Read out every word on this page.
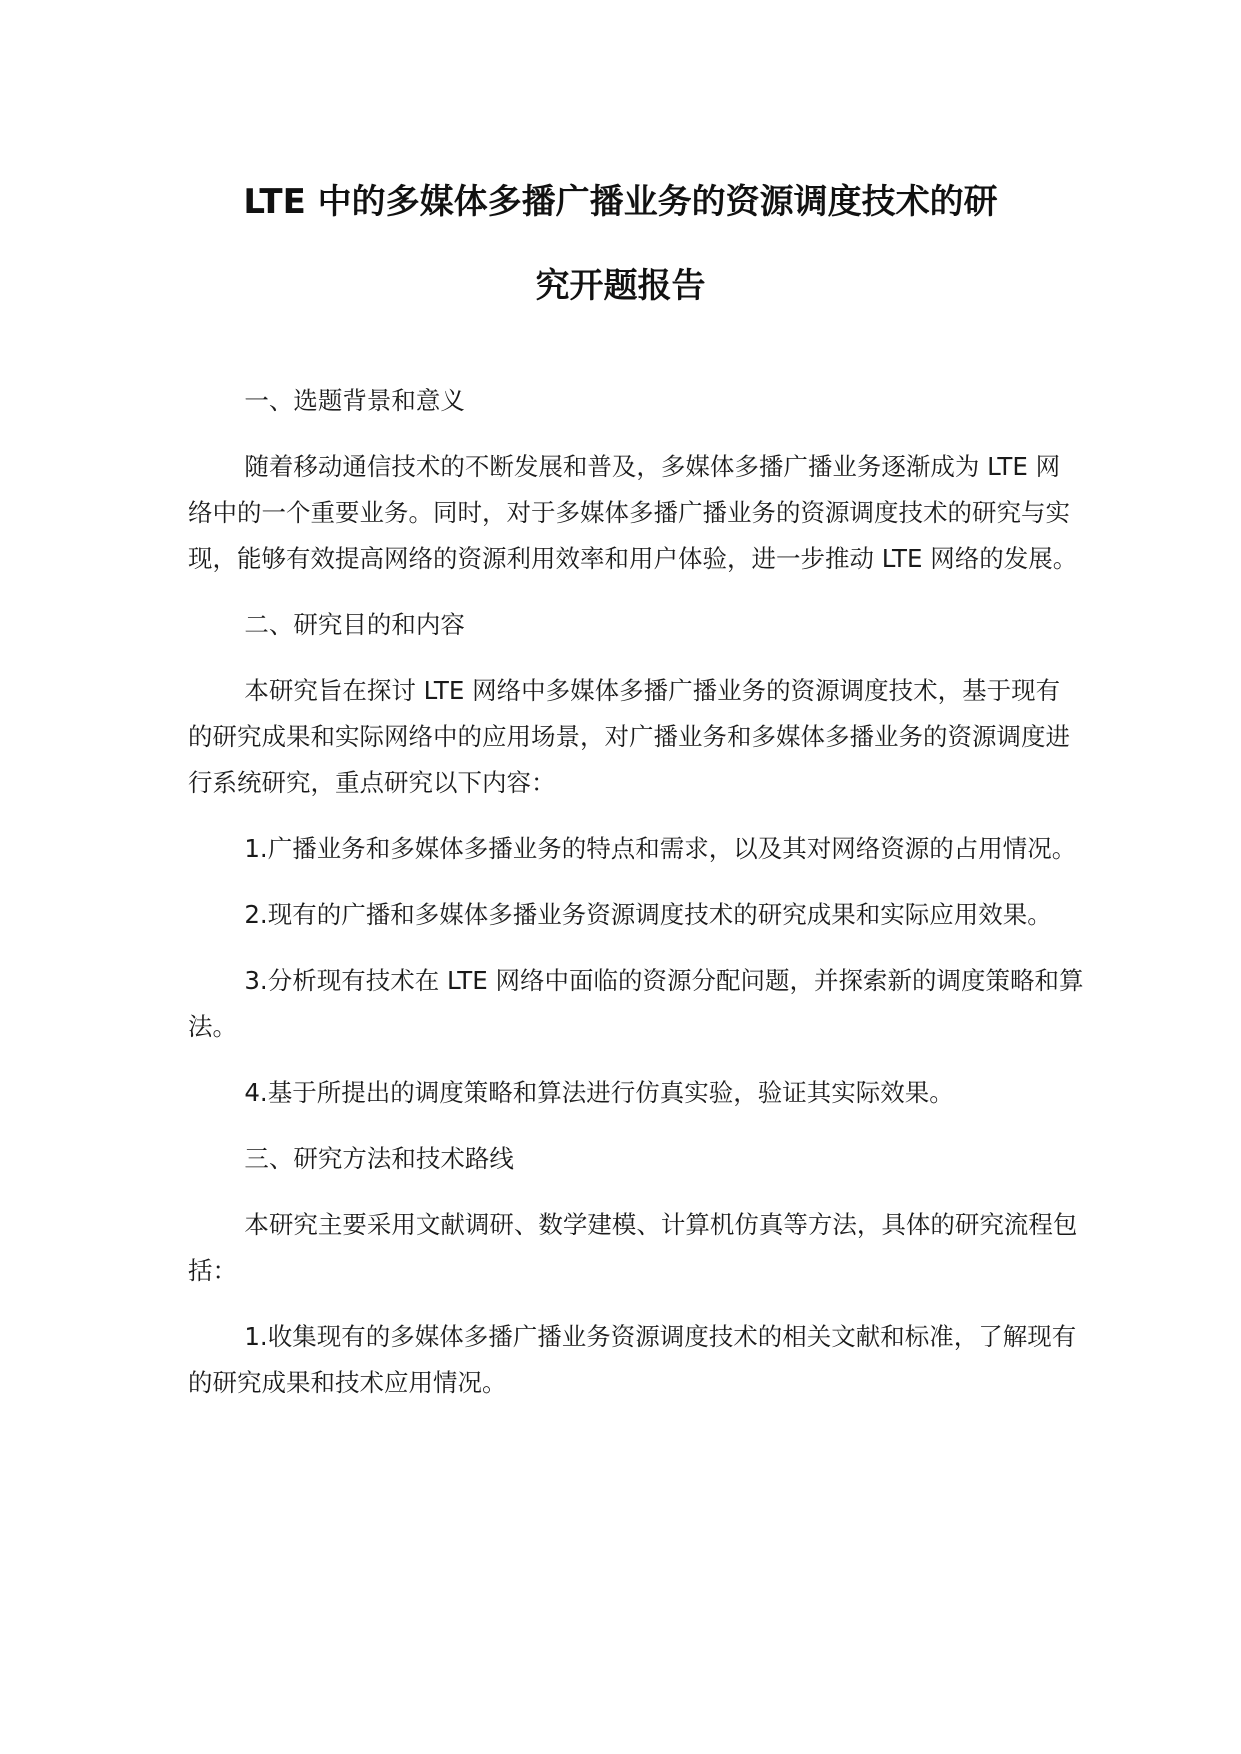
LTE 中的多媒体多播广播业务的资源调度技术的研
究开题报告

一、选题背景和意义

随着移动通信技术的不断发展和普及，多媒体多播广播业务逐渐成为 LTE 网络中的一个重要业务。同时，对于多媒体多播广播业务的资源调度技术的研究与实现，能够有效提高网络的资源利用效率和用户体验，进一步推动 LTE 网络的发展。

二、研究目的和内容

本研究旨在探讨 LTE 网络中多媒体多播广播业务的资源调度技术，基于现有的研究成果和实际网络中的应用场景，对广播业务和多媒体多播业务的资源调度进行系统研究，重点研究以下内容：

1.广播业务和多媒体多播业务的特点和需求，以及其对网络资源的占用情况。

2.现有的广播和多媒体多播业务资源调度技术的研究成果和实际应用效果。

3.分析现有技术在 LTE 网络中面临的资源分配问题，并探索新的调度策略和算法。

4.基于所提出的调度策略和算法进行仿真实验，验证其实际效果。

三、研究方法和技术路线

本研究主要采用文献调研、数学建模、计算机仿真等方法，具体的研究流程包括：

1.收集现有的多媒体多播广播业务资源调度技术的相关文献和标准，了解现有的研究成果和技术应用情况。
